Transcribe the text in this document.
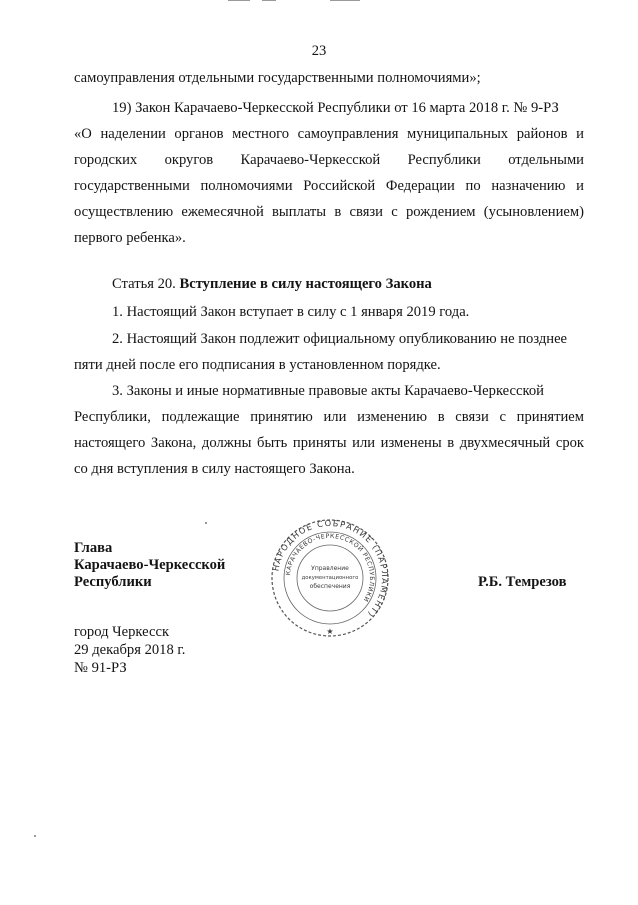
23
самоуправления отдельными государственными полномочиями»;
19) Закон Карачаево-Черкесской Республики от 16 марта 2018 г. № 9-РЗ
«О наделении органов местного самоуправления муниципальных районов и
городских округов Карачаево-Черкесской Республики отдельными
государственными полномочиями Российской Федерации по назначению и
осуществлению ежемесячной выплаты в связи с рождением (усыновлением)
первого ребенка».
Статья 20. Вступление в силу настоящего Закона
1. Настоящий Закон вступает в силу с 1 января 2019 года.
2. Настоящий Закон подлежит официальному опубликованию не позднее
пяти дней после его подписания в установленном порядке.
3. Законы и иные нормативные правовые акты Карачаево-Черкесской
Республики, подлежащие принятию или изменению в связи с принятием
настоящего Закона, должны быть приняты или изменены в двухмесячный срок
со дня вступления в силу настоящего Закона.
Глава
Карачаево-Черкесской
Республики	Р.Б. Темрезов
НАРОДНОЕ СОБРАНИЕ (ПАРЛАМЕНТ)
КАРАЧАЕВО-ЧЕРКЕССКОЙ РЕСПУБЛИКИ
Управление
документационного
обеспечения
★
город Черкесск
29 декабря 2018 г.
№ 91-РЗ
